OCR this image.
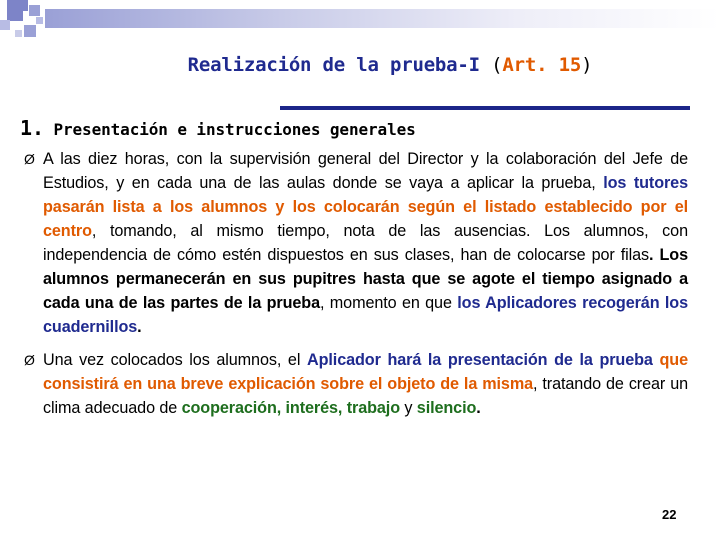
Realización de la prueba-I (Art. 15)
1. Presentación e instrucciones generales
Ø A las diez horas, con la supervisión general del Director y la colaboración del Jefe de Estudios, y en cada una de las aulas donde se vaya a aplicar la prueba, los tutores pasarán lista a los alumnos y los colocarán según el listado establecido por el centro, tomando, al mismo tiempo, nota de las ausencias. Los alumnos, con independencia de cómo estén dispuestos en sus clases, han de colocarse por filas. Los alumnos permanecerán en sus pupitres hasta que se agote el tiempo asignado a cada una de las partes de la prueba, momento en que los Aplicadores recogerán los cuadernillos.
Ø Una vez colocados los alumnos, el Aplicador hará la presentación de la prueba que consistirá en una breve explicación sobre el objeto de la misma, tratando de crear un clima adecuado de cooperación, interés, trabajo y silencio.
22
